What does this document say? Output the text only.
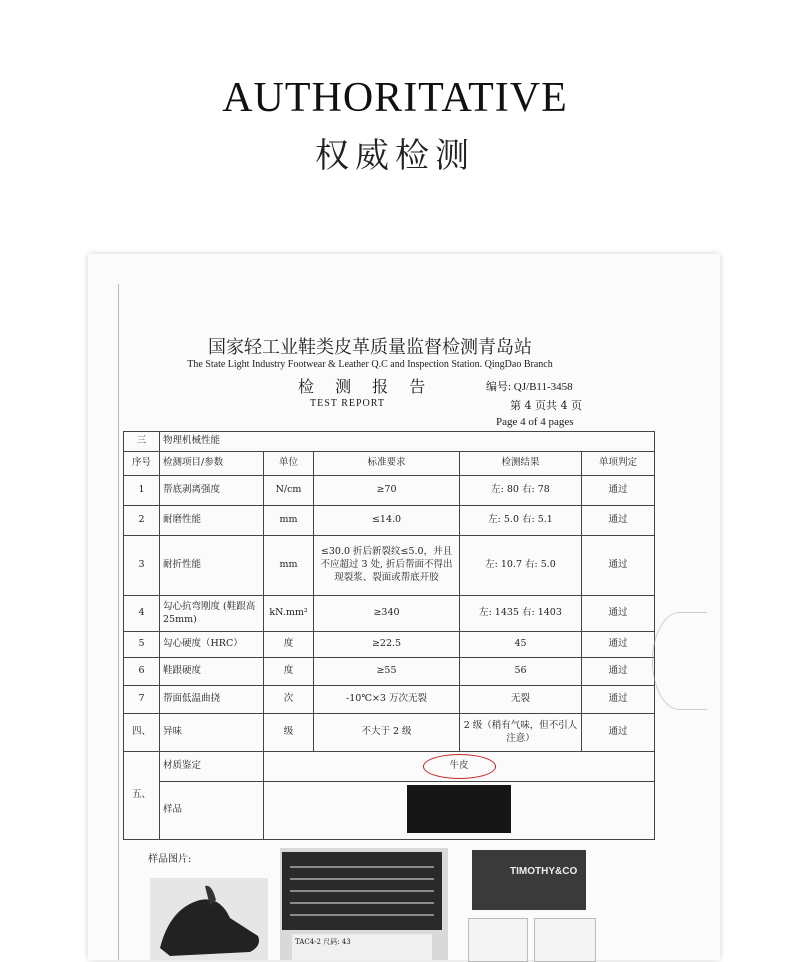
AUTHORITATIVE
权威检测
国家轻工业鞋类皮革质量监督检测青岛站
The State Light Industry Footwear & Leather Q.C and Inspection Station. QingDao Branch
检 测 报 告
TEST REPORT
编号: QJ/B11-3458
第 4 页共 4 页
Page 4 of 4 pages
三	物理机械性能				
序号	检测项目/参数	单位	标准要求	检测结果	单项判定
1	帮底剥离强度	N/cm	≥70	左: 80 右: 78	通过
2	耐磨性能	mm	≤14.0	左: 5.0 右: 5.1	通过
3	耐折性能	mm	≤30.0 折后新裂纹≤5.0，并且不应超过 3 处, 折后帮面不得出现裂浆、裂面或帮底开胶	左: 10.7 右: 5.0	通过
4	勾心抗弯刚度 (鞋跟高 25mm)	kN.mm²	≥340	左: 1435 右: 1403	通过
5	勾心硬度（HRC）	度	≥22.5	45	通过
6	鞋跟硬度	度	≥55	56	通过
7	帮面低温曲挠	次	-10℃×3 万次无裂	无裂	通过
四、	异味	级	不大于 2 级	2 级（稍有气味，但不引人注意）	通过
五、	材质鉴定	牛皮			
	样品				
样品图片:
TAC4-2 尺码: 43
TIMOTHY&CO
